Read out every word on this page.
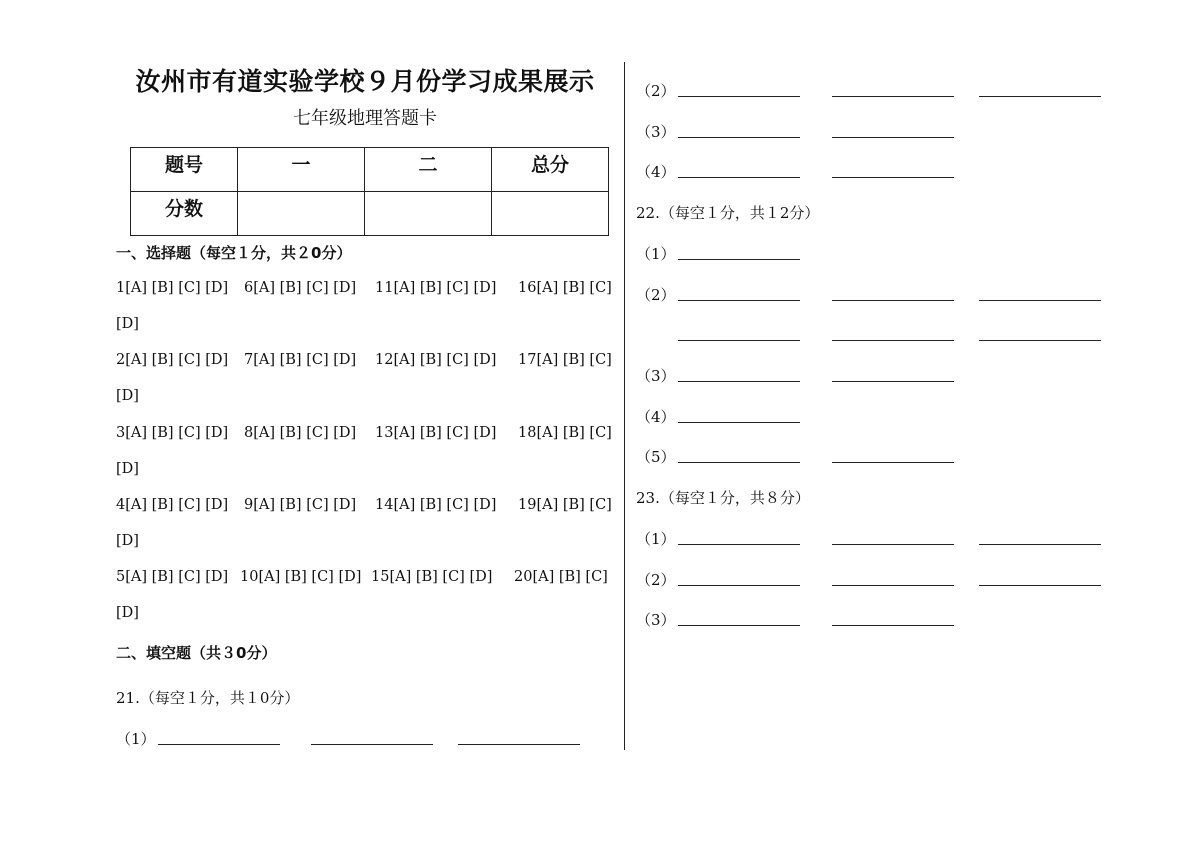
汝州市有道实验学校９月份学习成果展示
七年级地理答题卡
题号	一	二	总分
分数			
一、选择题（每空１分，共２0分）
1[A] [B] [C] [D] 6[A] [B] [C] [D] 11[A] [B] [C] [D] 16[A] [B] [C]
[D]
2[A] [B] [C] [D] 7[A] [B] [C] [D] 12[A] [B] [C] [D] 17[A] [B] [C]
[D]
3[A] [B] [C] [D] 8[A] [B] [C] [D] 13[A] [B] [C] [D] 18[A] [B] [C]
[D]
4[A] [B] [C] [D] 9[A] [B] [C] [D] 14[A] [B] [C] [D] 19[A] [B] [C]
[D]
5[A] [B] [C] [D] 10[A] [B] [C] [D] 15[A] [B] [C] [D] 20[A] [B] [C]
[D]
二、填空题（共３0分）
21.（每空１分，共１0分）
（1）
（2）
（3）
（4）
22.（每空１分，共１2分）
（1）
（2）
（3）
（4）
（5）
23.（每空１分，共８分）
（1）
（2）
（3）
